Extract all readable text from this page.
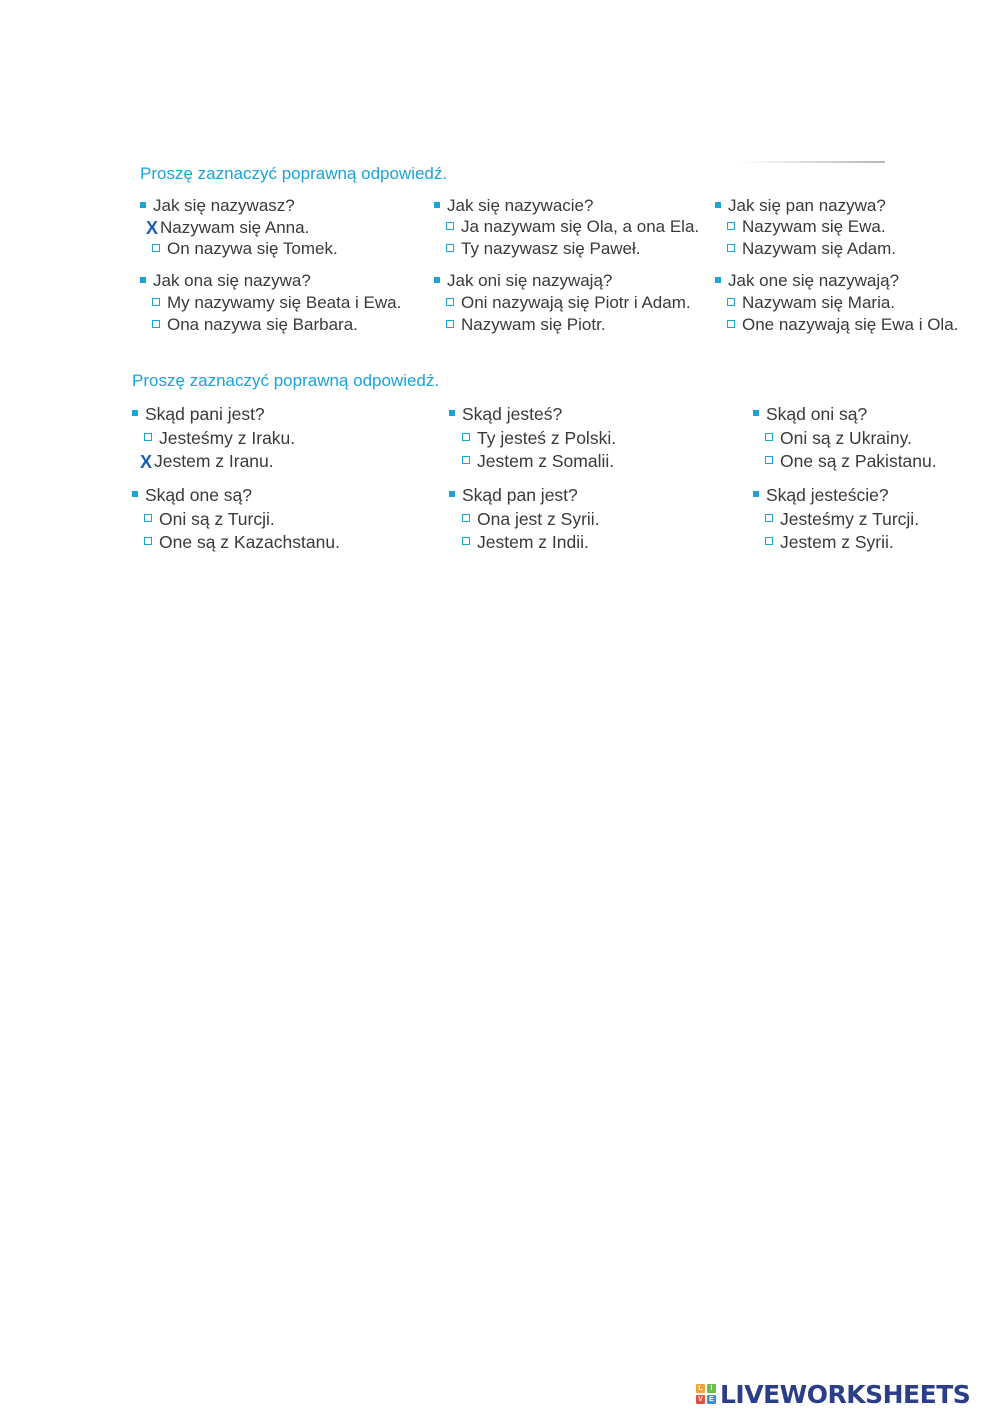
Proszę zaznaczyć poprawną odpowiedź.
Jak się nazywasz?
X Nazywam się Anna.
On nazywa się Tomek.
Jak się nazywacie?
Ja nazywam się Ola, a ona Ela.
Ty nazywasz się Paweł.
Jak się pan nazywa?
Nazywam się Ewa.
Nazywam się Adam.
Jak ona się nazywa?
My nazywamy się Beata i Ewa.
Ona nazywa się Barbara.
Jak oni się nazywają?
Oni nazywają się Piotr i Adam.
Nazywam się Piotr.
Jak one się nazywają?
Nazywam się Maria.
One nazywają się Ewa i Ola.
Proszę zaznaczyć poprawną odpowiedź.
Skąd pani jest?
Jesteśmy z Iraku.
X Jestem z Iranu.
Skąd jesteś?
Ty jesteś z Polski.
Jestem z Somalii.
Skąd oni są?
Oni są z Ukrainy.
One są z Pakistanu.
Skąd one są?
Oni są z Turcji.
One są z Kazachstanu.
Skąd pan jest?
Ona jest z Syrii.
Jestem z Indii.
Skąd jesteście?
Jesteśmy z Turcji.
Jestem z Syrii.
L	I
V E LIVEWORKSHEETS
